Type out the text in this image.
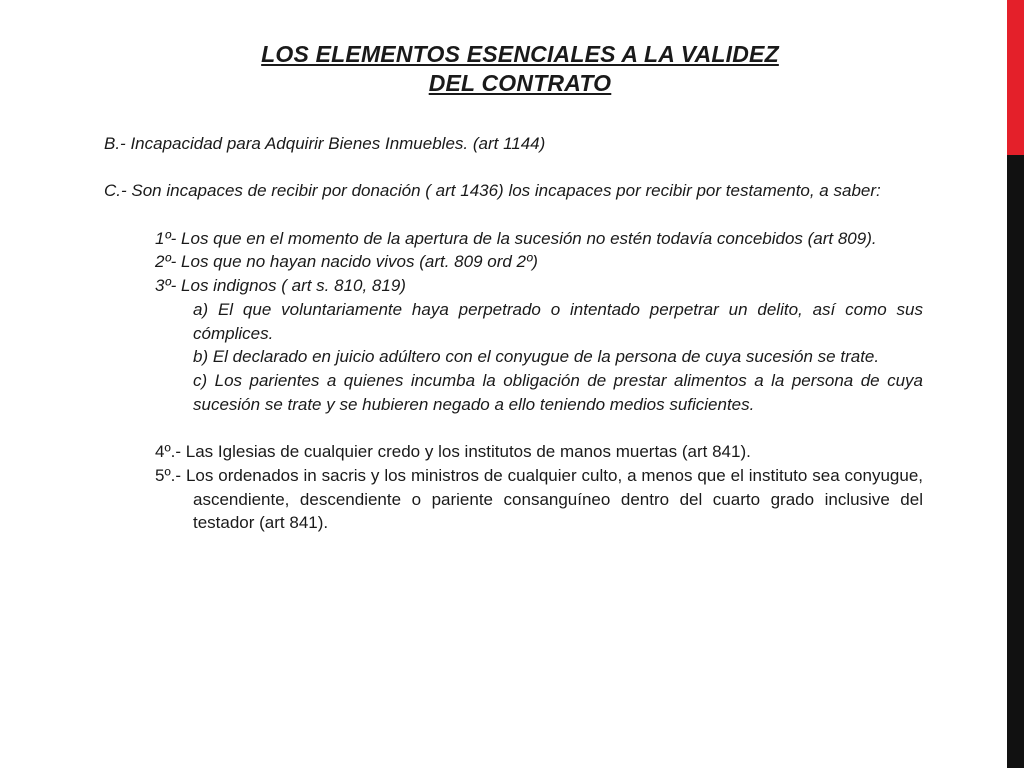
LOS ELEMENTOS ESENCIALES A LA VALIDEZ
DEL CONTRATO

B.- Incapacidad para Adquirir Bienes Inmuebles. (art 1144)

C.- Son incapaces de recibir por donación ( art 1436) los incapaces por recibir por testamento, a saber:

1º- Los que en el momento de la apertura de la sucesión no estén todavía concebidos (art 809).

2º- Los que no hayan nacido vivos (art. 809 ord 2º)

3º- Los indignos ( art s. 810, 819)

a) El que voluntariamente haya perpetrado o intentado perpetrar un delito, así como sus cómplices.

b) El declarado en juicio adúltero con el conyugue de la persona de cuya sucesión se trate.

c) Los parientes a quienes incumba la obligación de prestar alimentos a la persona de cuya sucesión se trate y se hubieren negado a ello teniendo medios suficientes.

4º.- Las Iglesias de cualquier credo y los institutos de manos muertas (art 841).

5º.- Los ordenados in sacris y los ministros de cualquier culto, a menos que el instituto sea conyugue, ascendiente, descendiente o pariente consanguíneo dentro del cuarto grado inclusive del testador (art 841).
